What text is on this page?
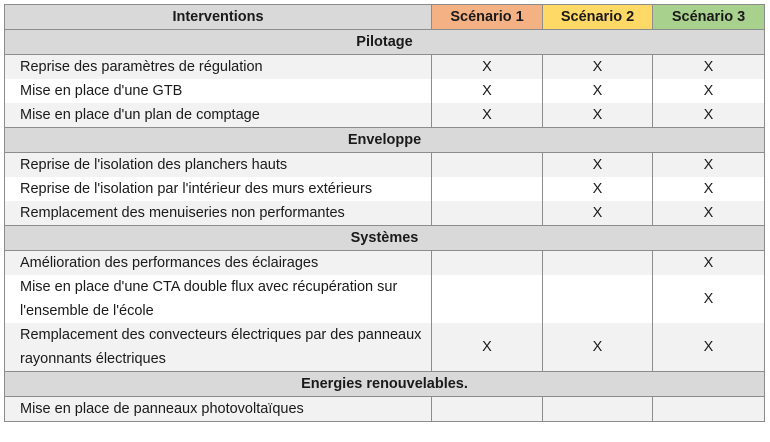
Interventions	Scénario 1	Scénario 2	Scénario 3
Pilotage			
Reprise des paramètres de régulation	X	X	X
Mise en place d'une GTB	X	X	X
Mise en place d'un plan de comptage	X	X	X
Enveloppe			
Reprise de l'isolation des planchers hauts		X	X
Reprise de l'isolation par l'intérieur des murs extérieurs		X	X
Remplacement des menuiseries non performantes		X	X
Systèmes			
Amélioration des performances des éclairages			X
Mise en place d'une CTA double flux avec récupération sur l'ensemble de l'école			X
Remplacement des convecteurs électriques par des panneaux rayonnants électriques	X	X	X
Energies renouvelables.			
Mise en place de panneaux photovoltaïques			
